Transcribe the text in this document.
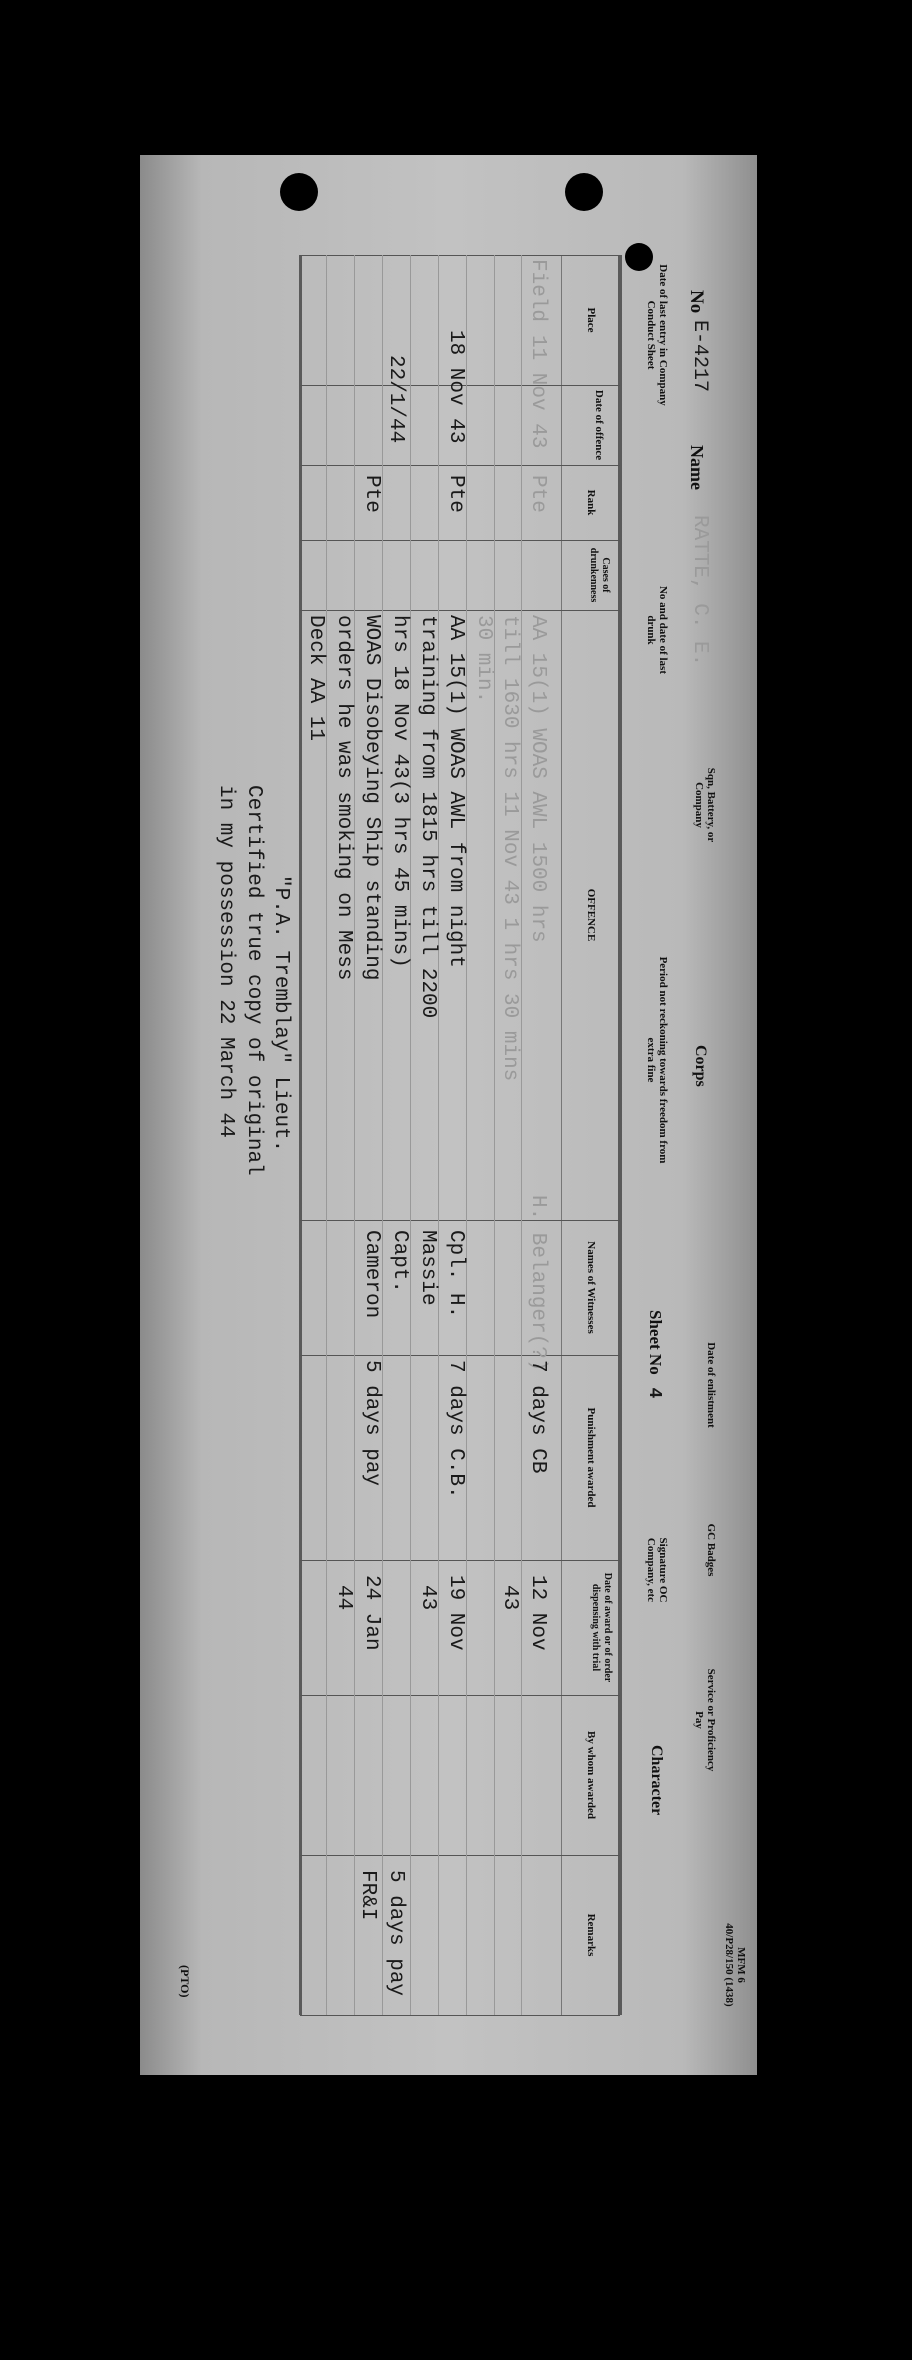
No
E-4217
Name
RATTE, C. E.
Sqn, Battery, or Company
Corps
Date of enlistment
GC Badges
Service or Proficiency Pay
MFM 6
40/P28/150 (1438)
Date of last entry in Company Conduct Sheet
No and date of last drunk
Period not reckoning towards freedom from extra fine
Sheet No   4
Signature OC Company, etc
Character
Place
Date of offence
Rank
Cases of drunkenness
OFFENCE
Names of Witnesses
Punishment awarded
Date of award or of order dispensing with trial
By whom awarded
Remarks
Field
11 Nov 43
Pte
AA 15(1) WOAS AWL 1500 hrs
till 1630 hrs 11 Nov 43 1 hrs 30 mins
30 min.
H. Belanger(?)
7 days CB
12 Nov
43
18 Nov 43
Pte
AA 15(1) WOAS AWL from night
training from 1815 hrs till 2200
hrs 18 Nov 43(3 hrs 45 mins)
Cpl. H.
Massie
7 days C.B.
19 Nov
43
22/1/44
Pte
WOAS Disobeying Ship standing
orders he was smoking on Mess
Deck AA 11
Capt.
Cameron
5 days pay
24 Jan
44
5 days pay
FR&I
"P.A. Tremblay" Lieut.
Certified true copy of original
in my possession 22 March 44
(PTO)
